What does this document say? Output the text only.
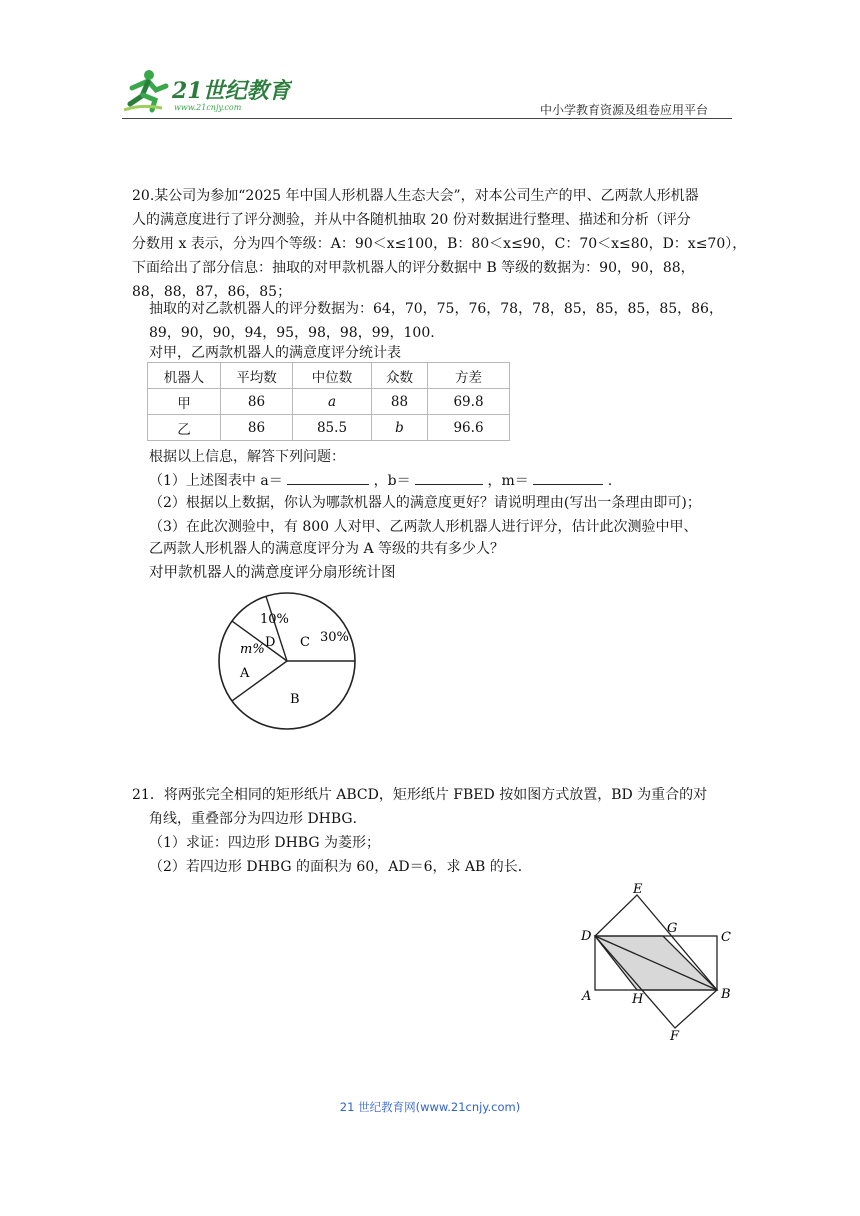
21世纪教育
www.21cnjy.com	中小学教育资源及组卷应用平台
20.某公司为参加“2025 年中国人形机器人生态大会”，对本公司生产的甲、乙两款人形机器
人的满意度进行了评分测验，并从中各随机抽取 20 份对数据进行整理、描述和分析（评分
分数用 x 表示，分为四个等级：A：90＜x≤100，B：80＜x≤90，C：70＜x≤80，D：x≤70），
下面给出了部分信息：抽取的对甲款机器人的评分数据中 B 等级的数据为：90，90，88，
88，88，87，86，85；
抽取的对乙款机器人的评分数据为：64，70，75，76，78，78，85，85，85，85，86，
89，90，90，94，95，98，98，99，100.
对甲，乙两款机器人的满意度评分统计表
机器人	平均数	中位数	众数	方差
甲	86	a	88	69.8
乙	86	85.5	b	96.6
根据以上信息，解答下列问题：
（1）上述图表中 a＝	，b＝	，m＝	.
（2）根据以上数据，你认为哪款机器人的满意度更好？请说明理由(写出一条理由即可)；
（3）在此次测验中，有 800 人对甲、乙两款人形机器人进行评分，估计此次测验中甲、
乙两款人形机器人的满意度评分为 A 等级的共有多少人？
对甲款机器人的满意度评分扇形统计图
30%
C
10%
D
m%
A
B
21．将两张完全相同的矩形纸片 ABCD，矩形纸片 FBED 按如图方式放置，BD 为重合的对
角线，重叠部分为四边形 DHBG．
（1）求证：四边形 DHBG 为菱形；
（2）若四边形 DHBG 的面积为 60，AD＝6，求 AB 的长．
E
G
C
D
A	H	B
F
21 世纪教育网(www.21cnjy.com)
